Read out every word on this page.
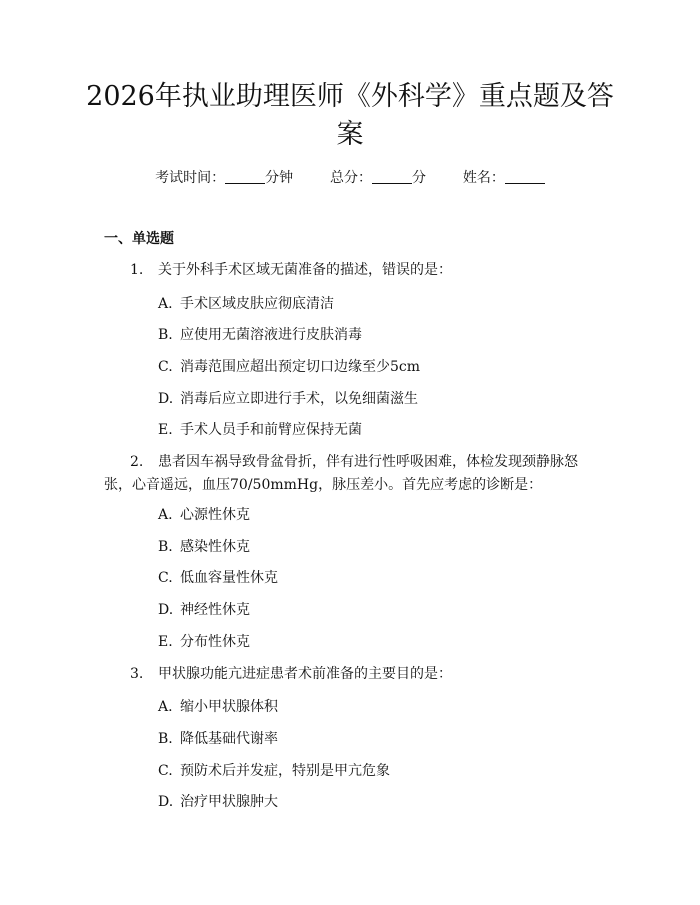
2026年执业助理医师《外科学》重点题及答案
考试时间：	分钟	总分：	分	姓名：
一、单选题

1. 关于外科手术区域无菌准备的描述，错误的是：

A. 手术区域皮肤应彻底清洁
B. 应使用无菌溶液进行皮肤消毒
C. 消毒范围应超出预定切口边缘至少5cm
D. 消毒后应立即进行手术，以免细菌滋生
E. 手术人员手和前臂应保持无菌

2. 患者因车祸导致骨盆骨折，伴有进行性呼吸困难，体检发现颈静脉怒张，心音遥远，血压70/50mmHg，脉压差小。首先应考虑的诊断是：

A. 心源性休克
B. 感染性休克
C. 低血容量性休克
D. 神经性休克
E. 分布性休克

3. 甲状腺功能亢进症患者术前准备的主要目的是：

A. 缩小甲状腺体积
B. 降低基础代谢率
C. 预防术后并发症，特别是甲亢危象
D. 治疗甲状腺肿大
